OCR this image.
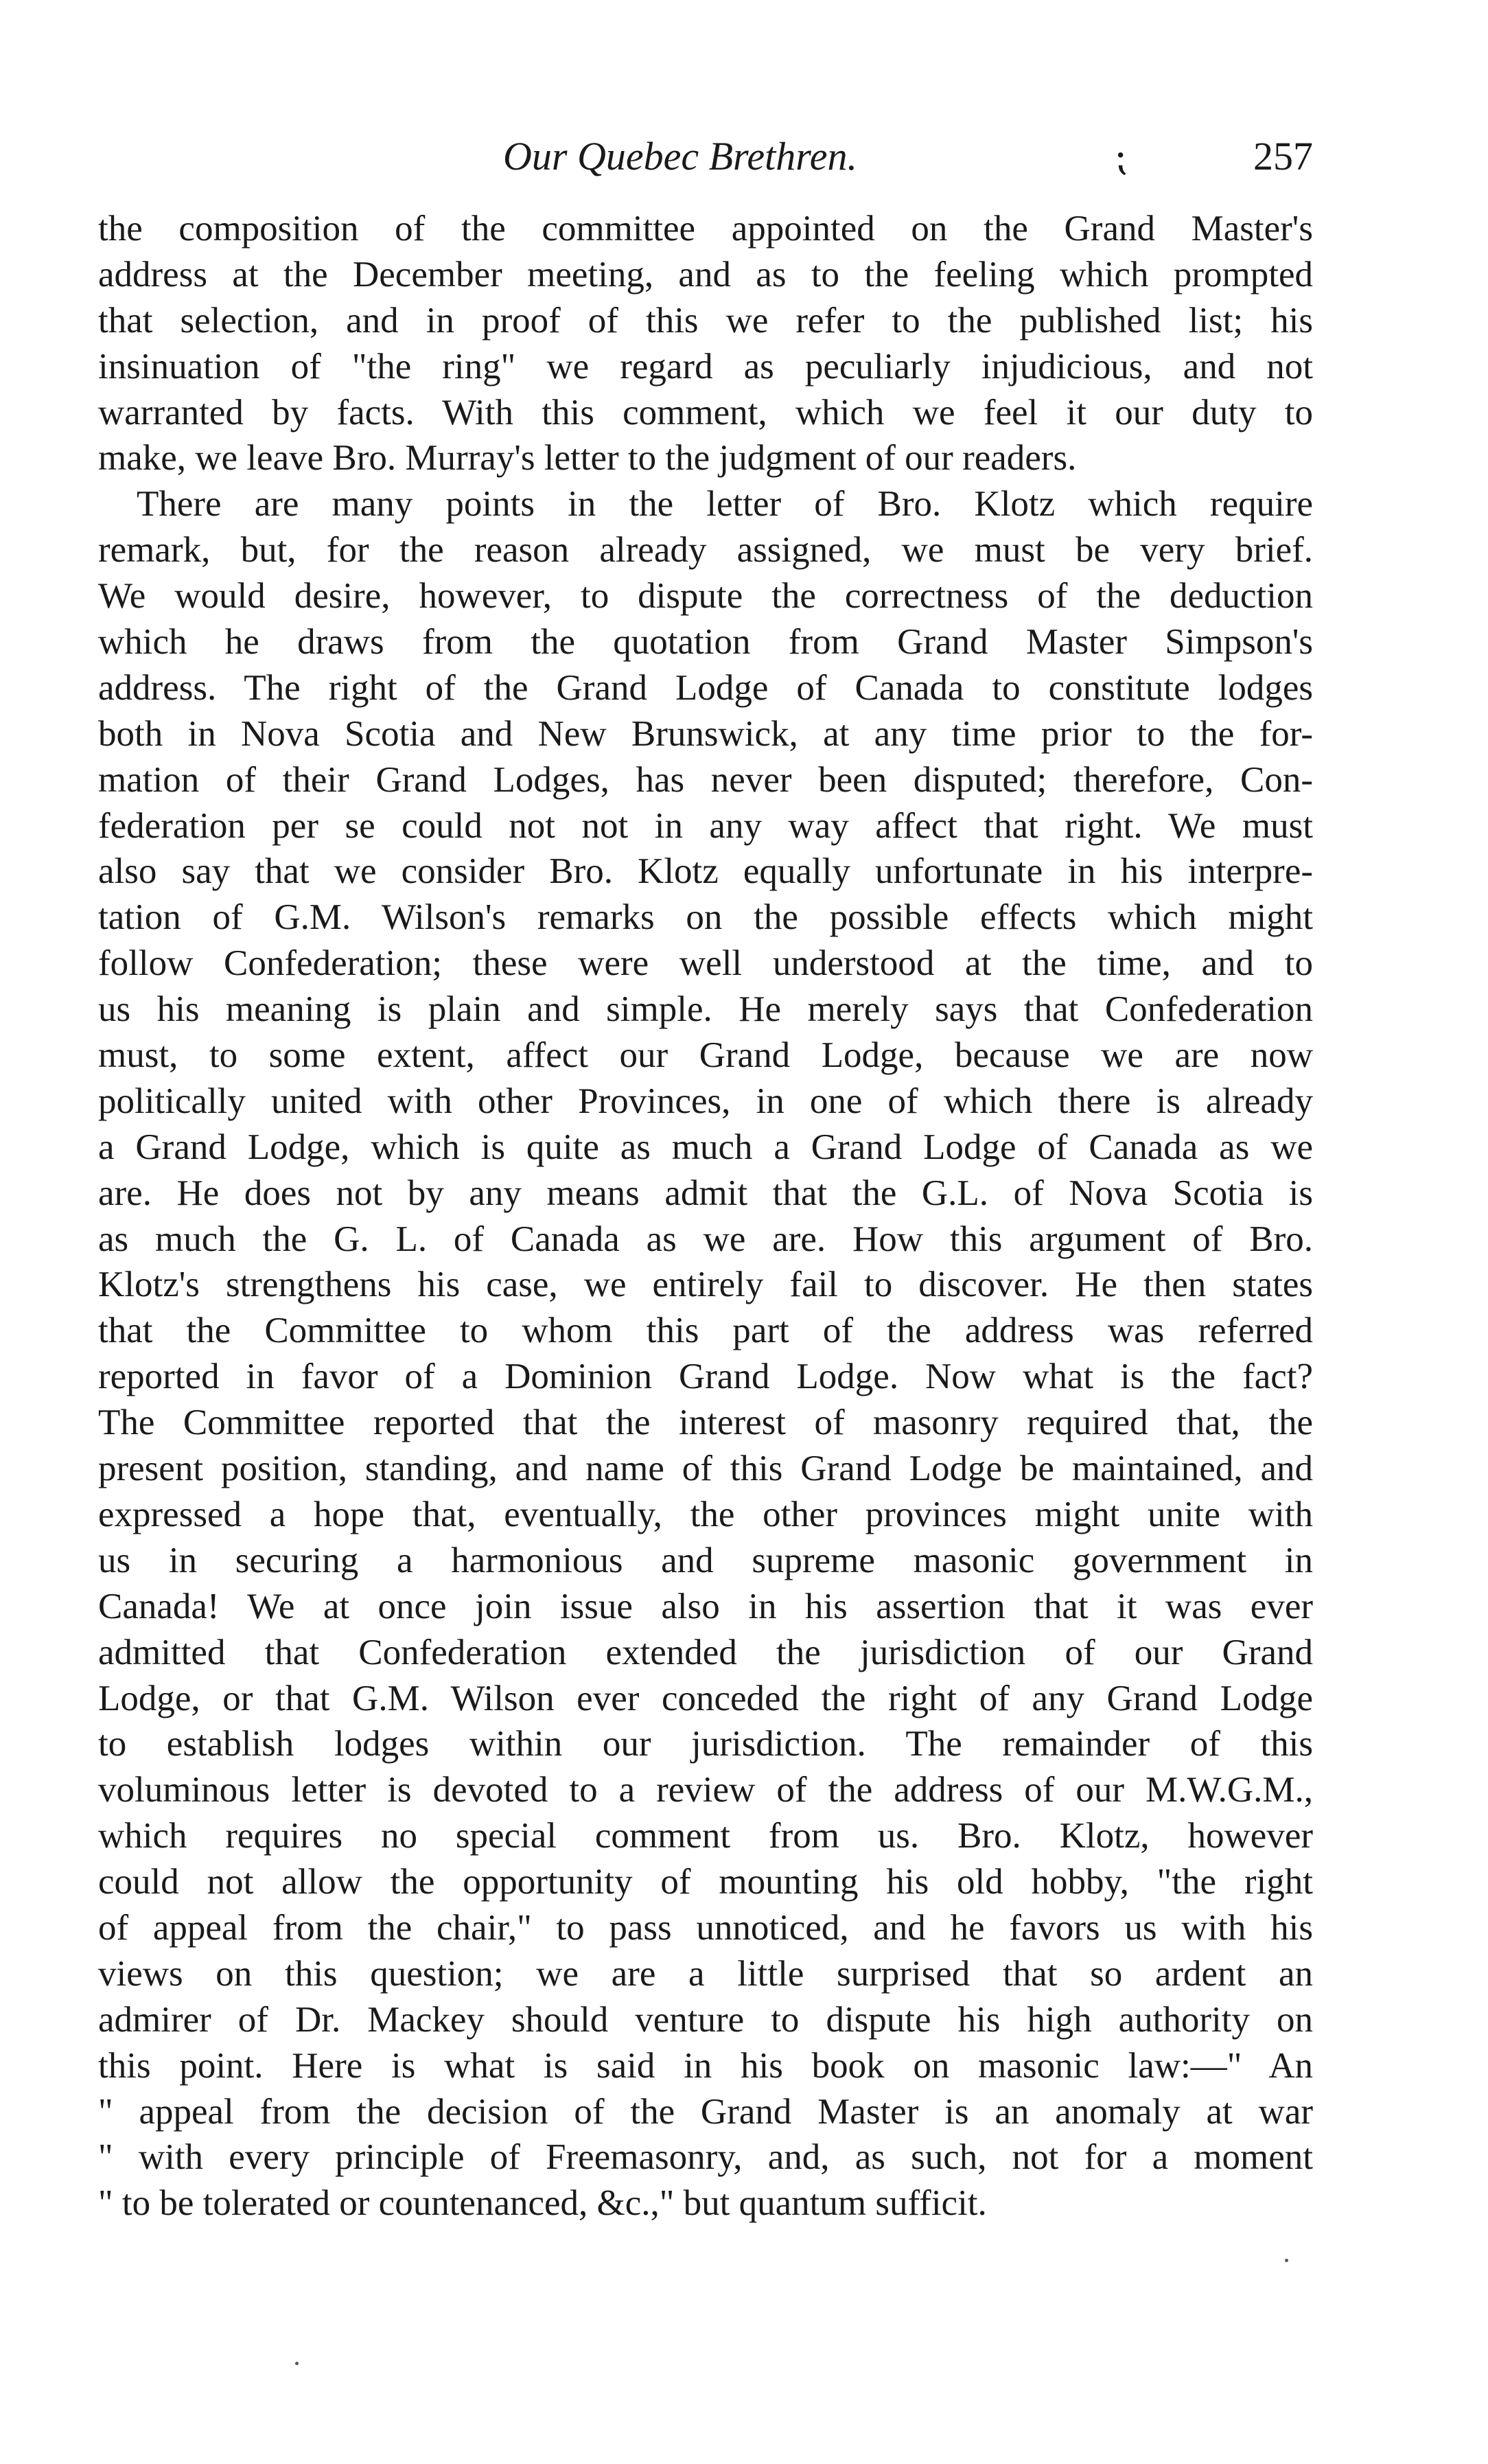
Our Quebec Brethren.	⁏	257
the composition of the committee appointed on the Grand Master's
address at the December meeting, and as to the feeling which prompted
that selection, and in proof of this we refer to the published list; his
insinuation of "the ring" we regard as peculiarly injudicious, and not
warranted by facts. With this comment, which we feel it our duty to
make, we leave Bro. Murray's letter to the judgment of our readers.
There are many points in the letter of Bro. Klotz which require
remark, but, for the reason already assigned, we must be very brief.
We would desire, however, to dispute the correctness of the deduction
which he draws from the quotation from Grand Master Simpson's
address. The right of the Grand Lodge of Canada to constitute lodges
both in Nova Scotia and New Brunswick, at any time prior to the for-
mation of their Grand Lodges, has never been disputed; therefore, Con-
federation per se could not not in any way affect that right. We must
also say that we consider Bro. Klotz equally unfortunate in his interpre-
tation of G.M. Wilson's remarks on the possible effects which might
follow Confederation; these were well understood at the time, and to
us his meaning is plain and simple. He merely says that Confederation
must, to some extent, affect our Grand Lodge, because we are now
politically united with other Provinces, in one of which there is already
a Grand Lodge, which is quite as much a Grand Lodge of Canada as we
are. He does not by any means admit that the G.L. of Nova Scotia is
as much the G. L. of Canada as we are. How this argument of Bro.
Klotz's strengthens his case, we entirely fail to discover. He then states
that the Committee to whom this part of the address was referred
reported in favor of a Dominion Grand Lodge. Now what is the fact?
The Committee reported that the interest of masonry required that, the
present position, standing, and name of this Grand Lodge be maintained, and
expressed a hope that, eventually, the other provinces might unite with
us in securing a harmonious and supreme masonic government in
Canada! We at once join issue also in his assertion that it was ever
admitted that Confederation extended the jurisdiction of our Grand
Lodge, or that G.M. Wilson ever conceded the right of any Grand Lodge
to establish lodges within our jurisdiction. The remainder of this
voluminous letter is devoted to a review of the address of our M.W.G.M.,
which requires no special comment from us. Bro. Klotz, however
could not allow the opportunity of mounting his old hobby, "the right
of appeal from the chair," to pass unnoticed, and he favors us with his
views on this question; we are a little surprised that so ardent an
admirer of Dr. Mackey should venture to dispute his high authority on
this point. Here is what is said in his book on masonic law:—" An
" appeal from the decision of the Grand Master is an anomaly at war
" with every principle of Freemasonry, and, as such, not for a moment
" to be tolerated or countenanced, &c.," but quantum sufficit.
